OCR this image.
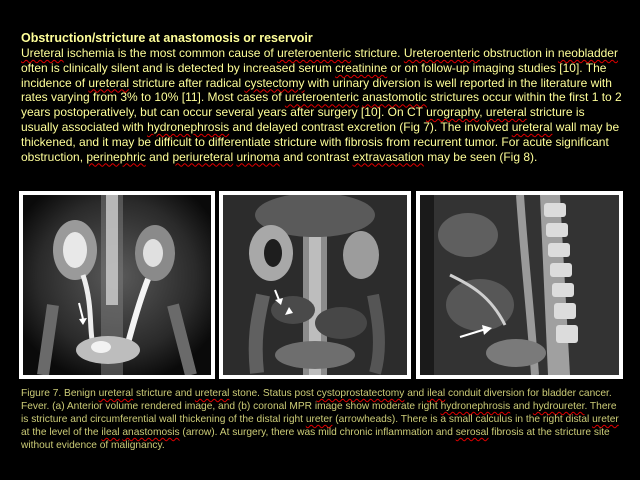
Obstruction/stricture at anastomosis or reservoir

Ureteral ischemia is the most common cause of ureteroenteric stricture. Ureteroenteric obstruction in neobladder often is clinically silent and is detected by increased serum creatinine or on follow-up imaging studies [10]. The incidence of ureteral stricture after radical cystectomy with urinary diversion is well reported in the literature with rates varying from 3% to 10% [11]. Most cases of ureteroenteric anastomotic strictures occur within the first 1 to 2 years postoperatively, but can occur several years after surgery [10]. On CT urography, ureteral stricture is usually associated with hydronephrosis and delayed contrast excretion (Fig 7). The involved ureteral wall may be thickened, and it may be difficult to differentiate stricture with fibrosis from recurrent tumor. For acute significant obstruction, perinephric and periureteral urinoma and contrast extravasation may be seen (Fig 8).

Figure 7. Benign ureteral stricture and ureteral stone. Status post cystoprostatectomy and ileal conduit diversion for bladder cancer. Fever. (a) Anterior volume rendered image, and (b) coronal MPR image show moderate right hydronephrosis and hydroureter. There is stricture and circumferential wall thickening of the distal right ureter (arrowheads). There is a small calculus in the right distal ureter at the level of the ileal anastomosis (arrow). At surgery, there was mild chronic inflammation and serosal fibrosis at the stricture site without evidence of malignancy.
